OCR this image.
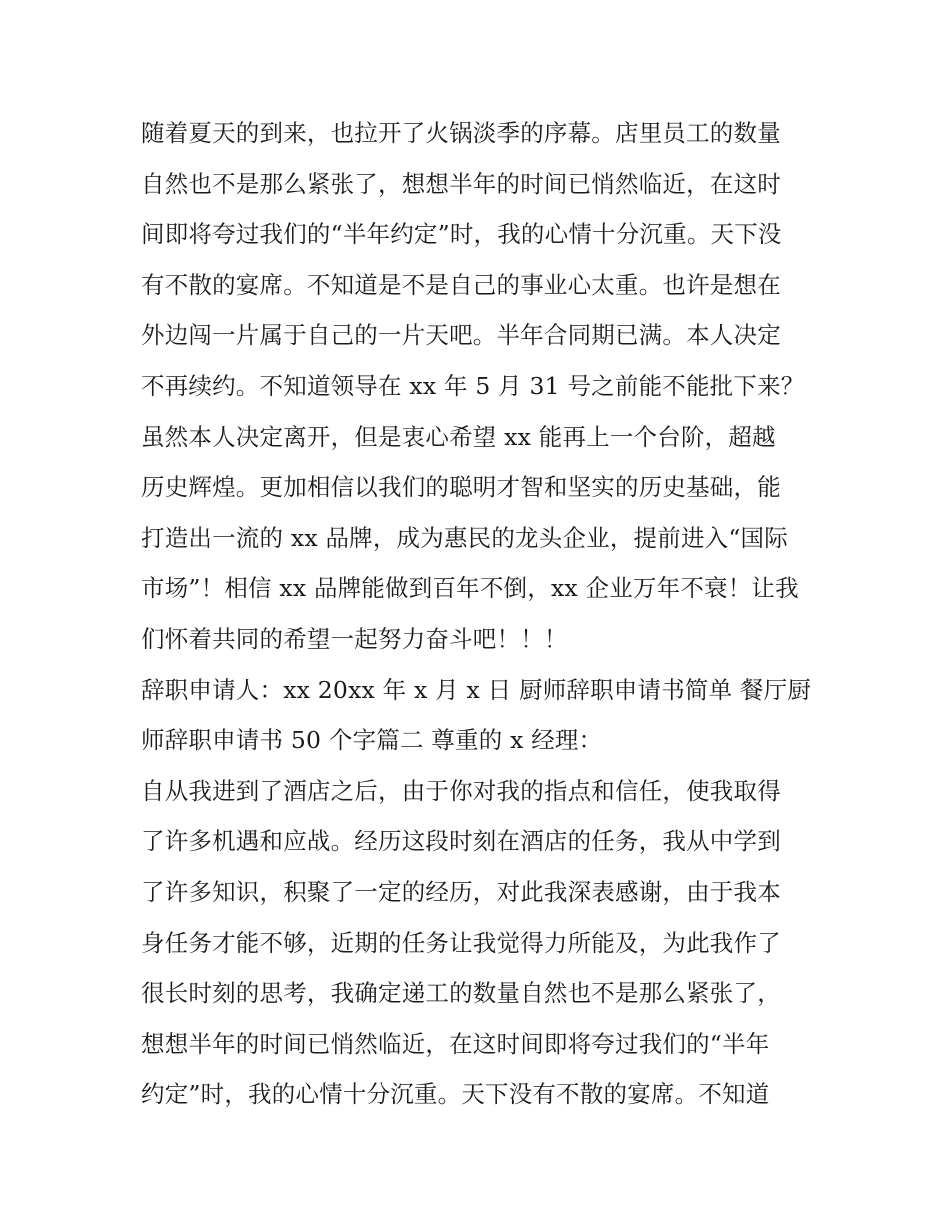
随着夏天的到来，也拉开了火锅淡季的序幕。店里员工的数量
自然也不是那么紧张了，想想半年的时间已悄然临近，在这时
间即将夸过我们的“半年约定”时，我的心情十分沉重。天下没
有不散的宴席。不知道是不是自己的事业心太重。也许是想在
外边闯一片属于自己的一片天吧。半年合同期已满。本人决定
不再续约。不知道领导在 xx 年 5 月 31 号之前能不能批下来？
虽然本人决定离开，但是衷心希望 xx 能再上一个台阶，超越
历史辉煌。更加相信以我们的聪明才智和坚实的历史基础，能
打造出一流的 xx 品牌，成为惠民的龙头企业，提前进入“国际
市场”！相信 xx 品牌能做到百年不倒，xx 企业万年不衰！让我
们怀着共同的希望一起努力奋斗吧！！！
辞职申请人：xx 20xx 年 x 月 x 日 厨师辞职申请书简单 餐厅厨
师辞职申请书 50 个字篇二 尊重的 x 经理：
自从我进到了酒店之后，由于你对我的指点和信任，使我取得
了许多机遇和应战。经历这段时刻在酒店的任务，我从中学到
了许多知识，积聚了一定的经历，对此我深表感谢，由于我本
身任务才能不够，近期的任务让我觉得力所能及，为此我作了
很长时刻的思考，我确定递工的数量自然也不是那么紧张了，
想想半年的时间已悄然临近，在这时间即将夸过我们的“半年
约定”时，我的心情十分沉重。天下没有不散的宴席。不知道
